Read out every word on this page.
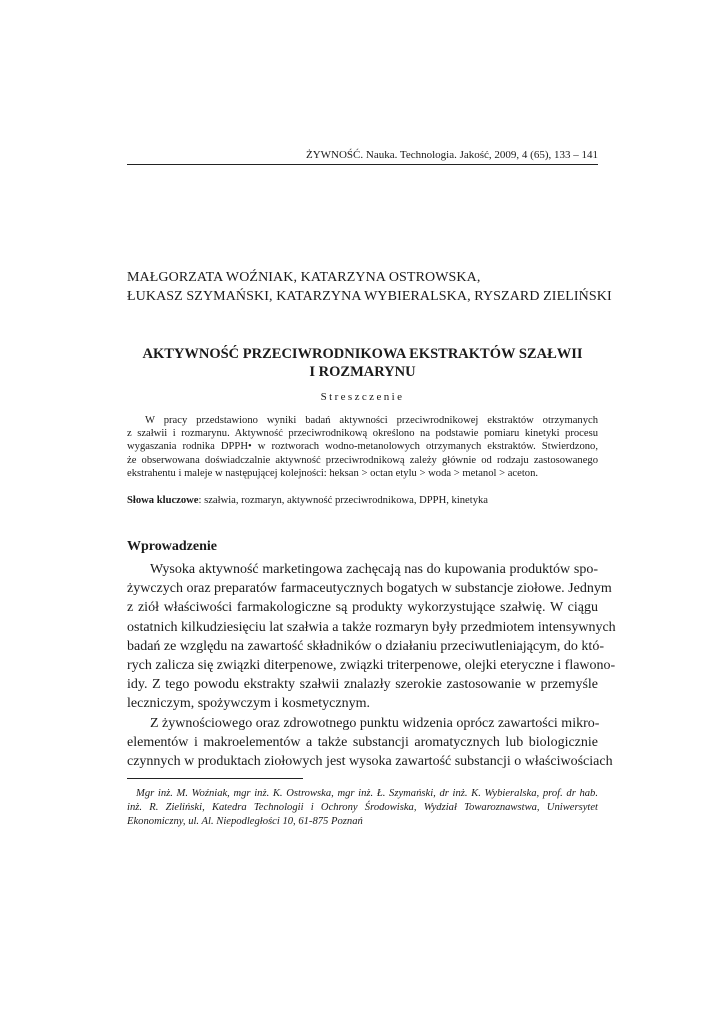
ŻYWNOŚĆ. Nauka. Technologia. Jakość, 2009, 4 (65), 133 – 141
MAŁGORZATA WOŹNIAK, KATARZYNA OSTROWSKA,
ŁUKASZ SZYMAŃSKI, KATARZYNA WYBIERALSKA, RYSZARD ZIELIŃSKI
AKTYWNOŚĆ PRZECIWRODNIKOWA EKSTRAKTÓW SZAŁWII
I ROZMARYNU
Streszczenie
W pracy przedstawiono wyniki badań aktywności przeciwrodnikowej ekstraktów otrzymanych
z szałwii i rozmarynu. Aktywność przeciwrodnikową określono na podstawie pomiaru kinetyki procesu
wygaszania rodnika DPPH• w roztworach wodno-metanolowych otrzymanych ekstraktów. Stwierdzono,
że obserwowana doświadczalnie aktywność przeciwrodnikową zależy głównie od rodzaju zastosowanego
ekstrahentu i maleje w następującej kolejności: heksan > octan etylu > woda > metanol > aceton.
Słowa kluczowe: szałwia, rozmaryn, aktywność przeciwrodnikowa, DPPH, kinetyka
Wprowadzenie
Wysoka aktywność marketingowa zachęcają nas do kupowania produktów spo-
żywczych oraz preparatów farmaceutycznych bogatych w substancje ziołowe. Jednym
z ziół właściwości farmakologiczne są produkty wykorzystujące szałwię. W ciągu
ostatnich kilkudziesięciu lat szałwia a także rozmaryn były przedmiotem intensywnych
badań ze względu na zawartość składników o działaniu przeciwutleniającym, do któ-
rych zalicza się związki diterpenowe, związki triterpenowe, olejki eteryczne i flawono-
idy. Z tego powodu ekstrakty szałwii znalazły szerokie zastosowanie w przemyśle
leczniczym, spożywczym i kosmetycznym.
Z żywnościowego oraz zdrowotnego punktu widzenia oprócz zawartości mikro-
elementów i makroelementów a także substancji aromatycznych lub biologicznie
czynnych w produktach ziołowych jest wysoka zawartość substancji o właściwościach
Mgr inż. M. Woźniak, mgr inż. K. Ostrowska, mgr inż. Ł. Szymański, dr inż. K. Wybieralska, prof. dr hab.
inż. R. Zieliński, Katedra Technologii i Ochrony Środowiska, Wydział Towaroznawstwa, Uniwersytet
Ekonomiczny, ul. Al. Niepodległości 10, 61-875 Poznań
